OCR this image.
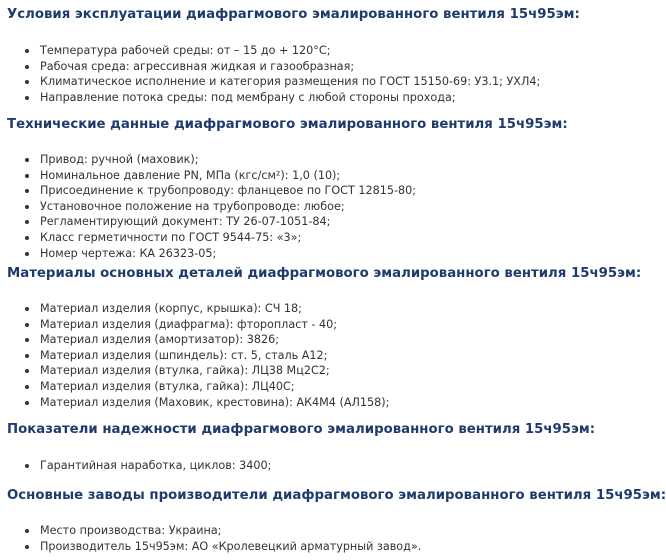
Условия эксплуатации диафрагмового эмалированного вентиля 15ч95эм:
Температура рабочей среды: от – 15 до + 120°С;
Рабочая среда: агрессивная жидкая и газообразная;
Климатическое исполнение и категория размещения по ГОСТ 15150-69: У3.1; УХЛ4;
Направление потока среды: под мембрану с любой стороны прохода;
Технические данные диафрагмового эмалированного вентиля 15ч95эм:
Привод: ручной (маховик);
Номинальное давление PN, МПа (кгс/см²): 1,0 (10);
Присоединение к трубопроводу: фланцевое по ГОСТ 12815-80;
Установочное положение на трубопроводе: любое;
Регламентирующий документ: ТУ 26-07-1051-84;
Класс герметичности по ГОСТ 9544-75: «3»;
Номер чертежа: КА 26323-05;
Материалы основных деталей диафрагмового эмалированного вентиля 15ч95эм:
Материал изделия (корпус, крышка): СЧ 18;
Материал изделия (диафрагма): фторопласт - 40;
Материал изделия (амортизатор): 3826;
Материал изделия (шпиндель): ст. 5, сталь А12;
Материал изделия (втулка, гайка): ЛЦ38 Мц2С2;
Материал изделия (втулка, гайка): ЛЦ40С;
Материал изделия (Маховик, крестовина): АК4М4 (АЛ158);
Показатели надежности диафрагмового эмалированного вентиля 15ч95эм:
Гарантийная наработка, циклов: 3400;
Основные заводы производители диафрагмового эмалированного вентиля 15ч95эм:
Место производства: Украина;
Производитель 15ч95эм: АО «Кролевецкий арматурный завод».
